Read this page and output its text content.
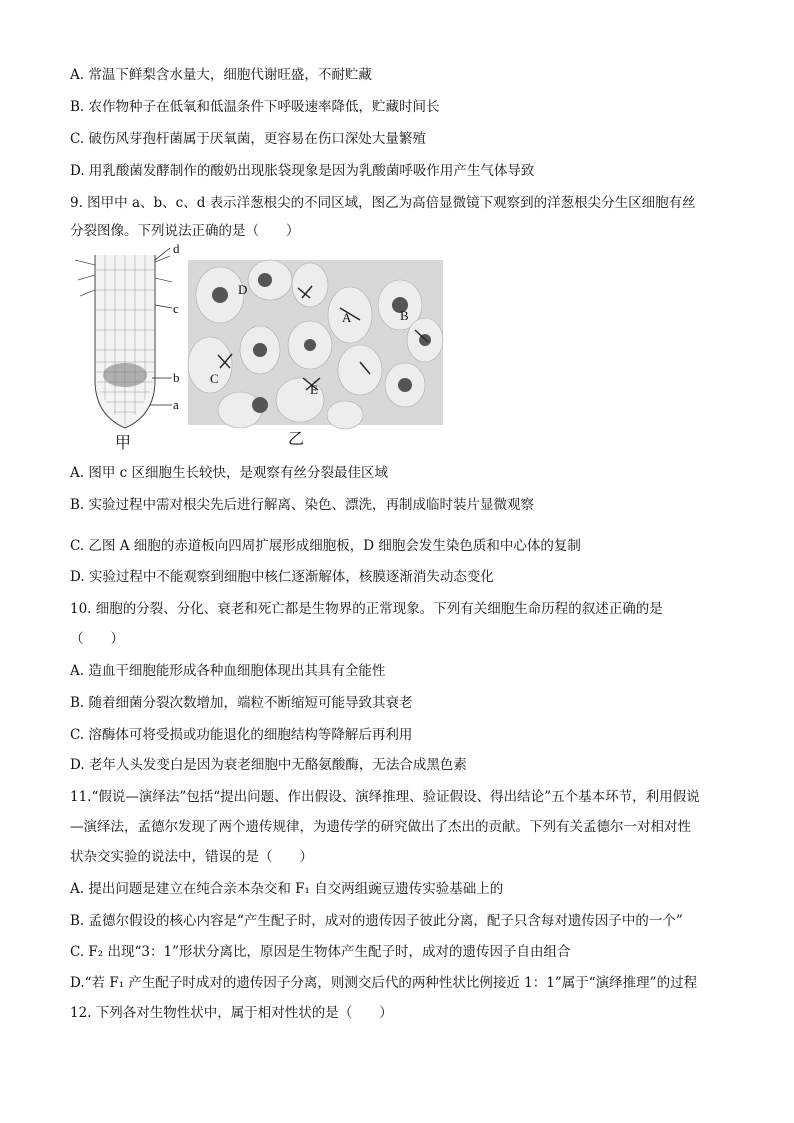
A. 常温下鲜梨含水量大，细胞代谢旺盛，不耐贮藏
B. 农作物种子在低氧和低温条件下呼吸速率降低，贮藏时间长
C. 破伤风芽孢杆菌属于厌氧菌，更容易在伤口深处大量繁殖
D. 用乳酸菌发酵制作的酸奶出现胀袋现象是因为乳酸菌呼吸作用产生气体导致
9. 图甲中 a、b、c、d 表示洋葱根尖的不同区域，图乙为高倍显微镜下观察到的洋葱根尖分生区细胞有丝
分裂图像。下列说法正确的是（　　）
d
c
b
a
D
A	B
C
E
甲	乙
A. 图甲 c 区细胞生长较快，是观察有丝分裂最佳区域
B. 实验过程中需对根尖先后进行解离、染色、漂洗，再制成临时装片显微观察
C. 乙图 A 细胞的赤道板向四周扩展形成细胞板，D 细胞会发生染色质和中心体的复制
D. 实验过程中不能观察到细胞中核仁逐渐解体，核膜逐渐消失动态变化
10. 细胞的分裂、分化、衰老和死亡都是生物界的正常现象。下列有关细胞生命历程的叙述正确的是
（　　）
A. 造血干细胞能形成各种血细胞体现出其具有全能性
B. 随着细菌分裂次数增加，端粒不断缩短可能导致其衰老
C. 溶酶体可将受损或功能退化的细胞结构等降解后再利用
D. 老年人头发变白是因为衰老细胞中无酪氨酸酶，无法合成黑色素
11.“假说—演绎法”包括“提出问题、作出假设、演绎推理、验证假设、得出结论”五个基本环节，利用假说
—演绎法，孟德尔发现了两个遗传规律，为遗传学的研究做出了杰出的贡献。下列有关孟德尔一对相对性
状杂交实验的说法中，错误的是（　　）
A. 提出问题是建立在纯合亲本杂交和 F₁ 自交两组豌豆遗传实验基础上的
B. 孟德尔假设的核心内容是“产生配子时，成对的遗传因子彼此分离，配子只含每对遗传因子中的一个”
C. F₂ 出现“3：1”形状分离比，原因是生物体产生配子时，成对的遗传因子自由组合
D.“若 F₁ 产生配子时成对的遗传因子分离，则测交后代的两种性状比例接近 1：1”属于“演绎推理”的过程
12. 下列各对生物性状中，属于相对性状的是（　　）
